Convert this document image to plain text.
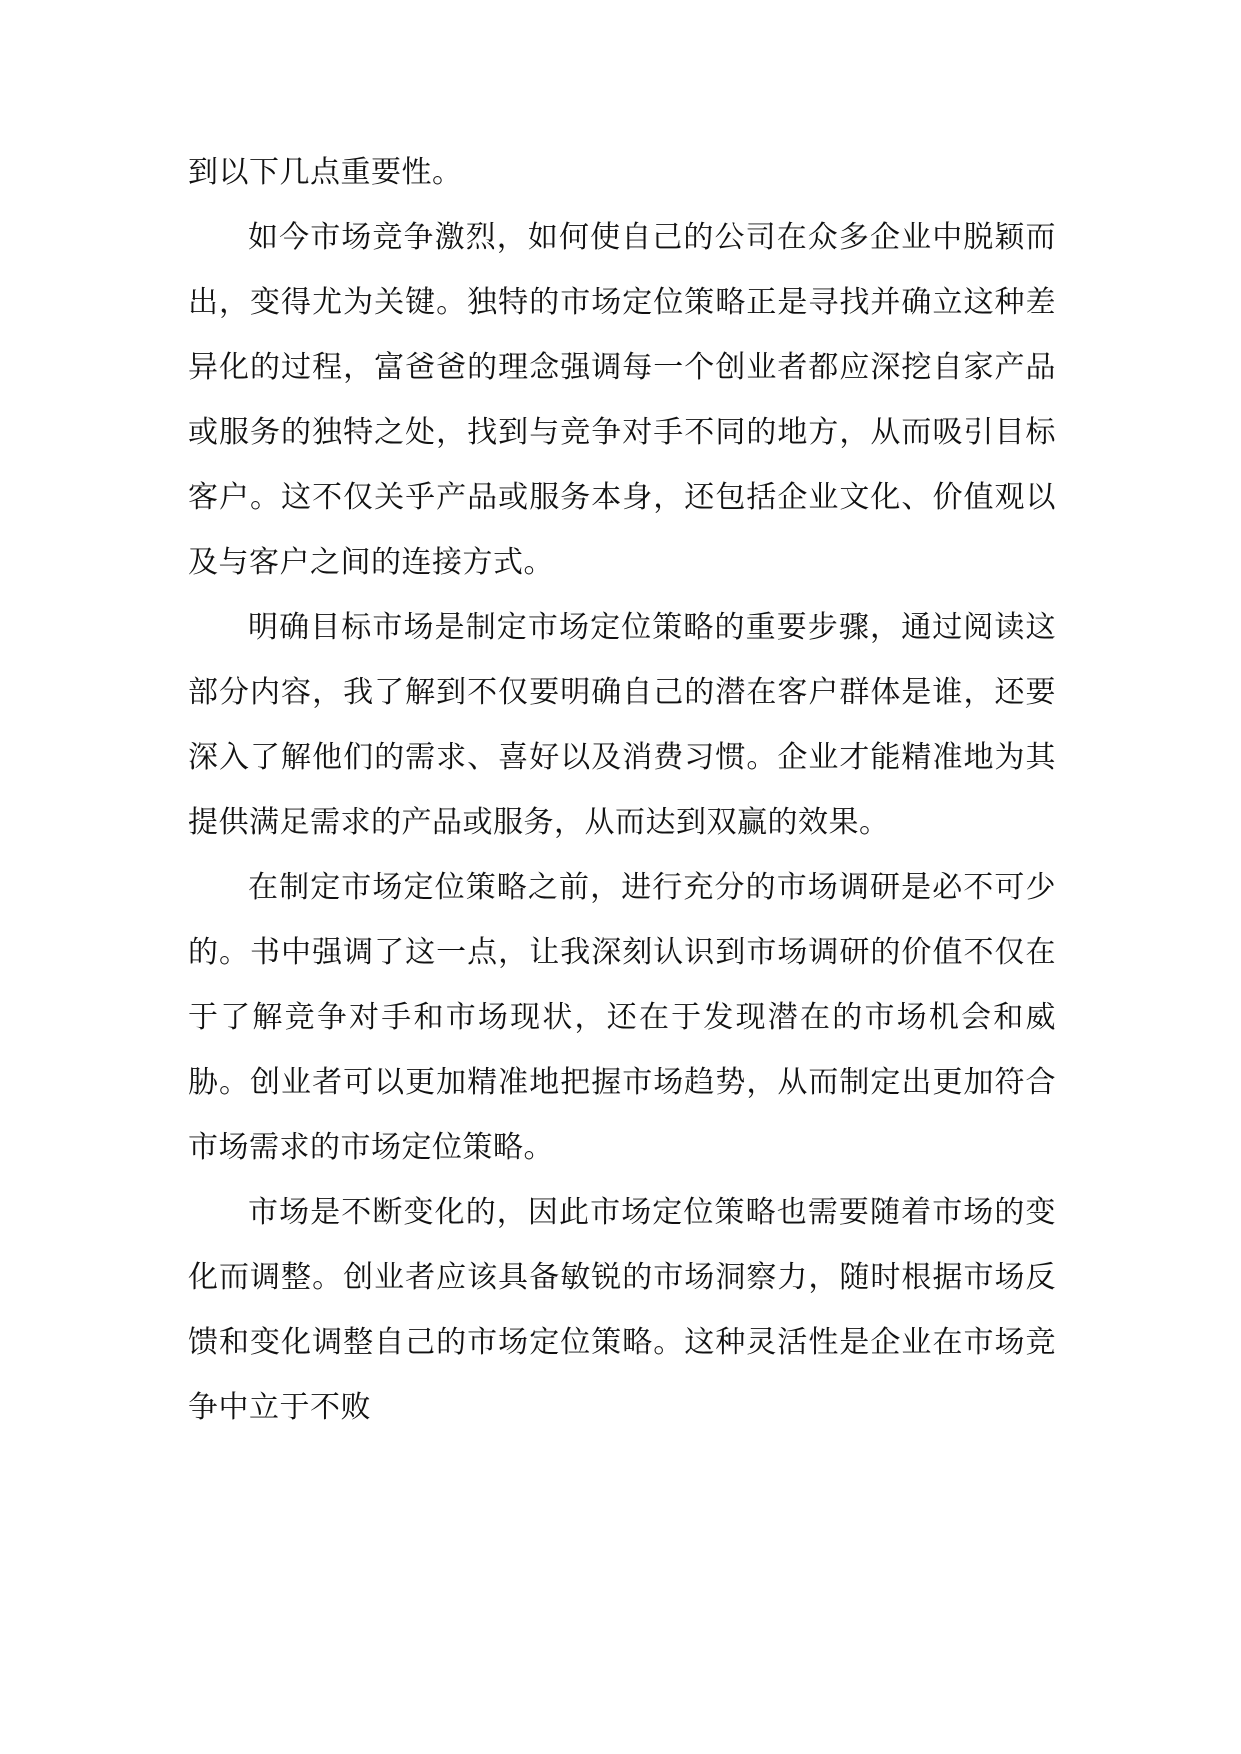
到以下几点重要性。

如今市场竞争激烈，如何使自己的公司在众多企业中脱颖而出，变得尤为关键。独特的市场定位策略正是寻找并确立这种差异化的过程，富爸爸的理念强调每一个创业者都应深挖自家产品或服务的独特之处，找到与竞争对手不同的地方，从而吸引目标客户。这不仅关乎产品或服务本身，还包括企业文化、价值观以及与客户之间的连接方式。

明确目标市场是制定市场定位策略的重要步骤，通过阅读这部分内容，我了解到不仅要明确自己的潜在客户群体是谁，还要深入了解他们的需求、喜好以及消费习惯。企业才能精准地为其提供满足需求的产品或服务，从而达到双赢的效果。

在制定市场定位策略之前，进行充分的市场调研是必不可少的。书中强调了这一点，让我深刻认识到市场调研的价值不仅在于了解竞争对手和市场现状，还在于发现潜在的市场机会和威胁。创业者可以更加精准地把握市场趋势，从而制定出更加符合市场需求的市场定位策略。

市场是不断变化的，因此市场定位策略也需要随着市场的变化而调整。创业者应该具备敏锐的市场洞察力，随时根据市场反馈和变化调整自己的市场定位策略。这种灵活性是企业在市场竞争中立于不败
